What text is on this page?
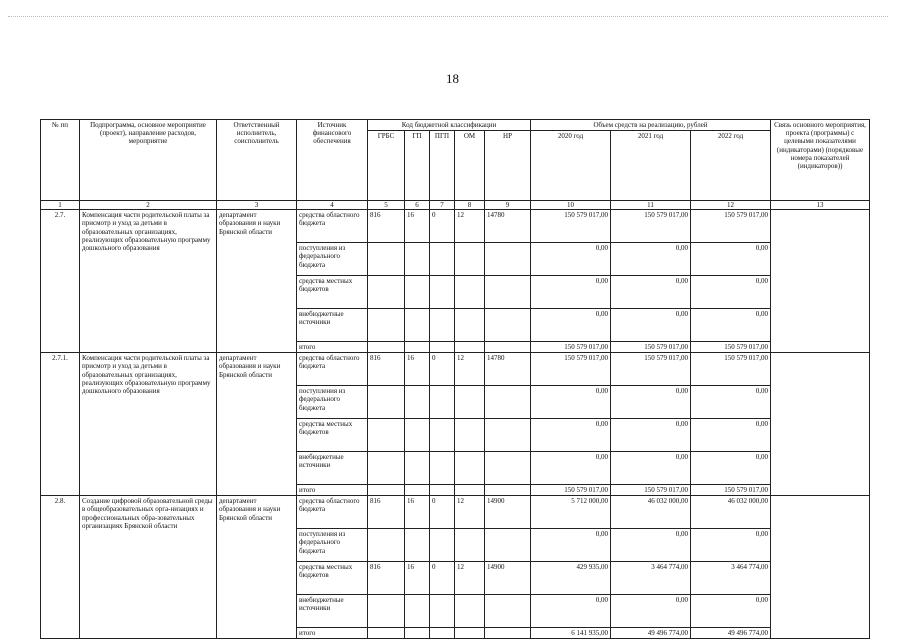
18
№ пп	Подпрограмма, основное мероприятие (проект), направление расходов, мероприятие	Ответственный исполнитель, соисполнитель	Источник финансового обеспечения	Код бюджетной классификации					Объем средств на реализацию, рублей			Связь основного мероприятия, проекта (программы) с целевыми показателями (индикаторами) (порядковые номера показателей (индикаторов))
				ГРБС	ГП	ПГП	ОМ	НР	2020 год	2021 год	2022 год	
1	2	3	4	5	6	7	8	9	10	11	12	13
2.7.	Компенсация части родительской платы за присмотр и уход за детьми в образовательных организациях, реализующих образовательную программу дошкольного образования	департамент образования и науки Брянской области	средства областного бюджета	816	16	0	12	14780	150 579 017,00	150 579 017,00	150 579 017,00	
			поступления из федерального бюджета						0,00	0,00	0,00	
			средства местных бюджетов						0,00	0,00	0,00	
			внебюджетные источники						0,00	0,00	0,00	
			итого						150 579 017,00	150 579 017,00	150 579 017,00	
2.7.1.	Компенсация части родительской платы за присмотр и уход за детьми в образовательных организациях, реализующих образовательную программу дошкольного образования	департамент образования и науки Брянской области	средства областного бюджета	816	16	0	12	14780	150 579 017,00	150 579 017,00	150 579 017,00	
			поступления из федерального бюджета						0,00	0,00	0,00	
			средства местных бюджетов						0,00	0,00	0,00	
			внебюджетные источники						0,00	0,00	0,00	
			итого						150 579 017,00	150 579 017,00	150 579 017,00	
2.8.	Создание цифровой образовательной среды в общеобразовательных орга-низациях и профессиональных обра-зовательных организациях Брянской области	департамент образования и науки Брянской области	средства областного бюджета	816	16	0	12	14900	5 712 000,00	46 032 000,00	46 032 000,00	
			поступления из федерального бюджета						0,00	0,00	0,00	
			средства местных бюджетов	816	16	0	12	14900	429 935,00	3 464 774,00	3 464 774,00	
			внебюджетные источники						0,00	0,00	0,00	
			итого						6 141 935,00	49 496 774,00	49 496 774,00	
